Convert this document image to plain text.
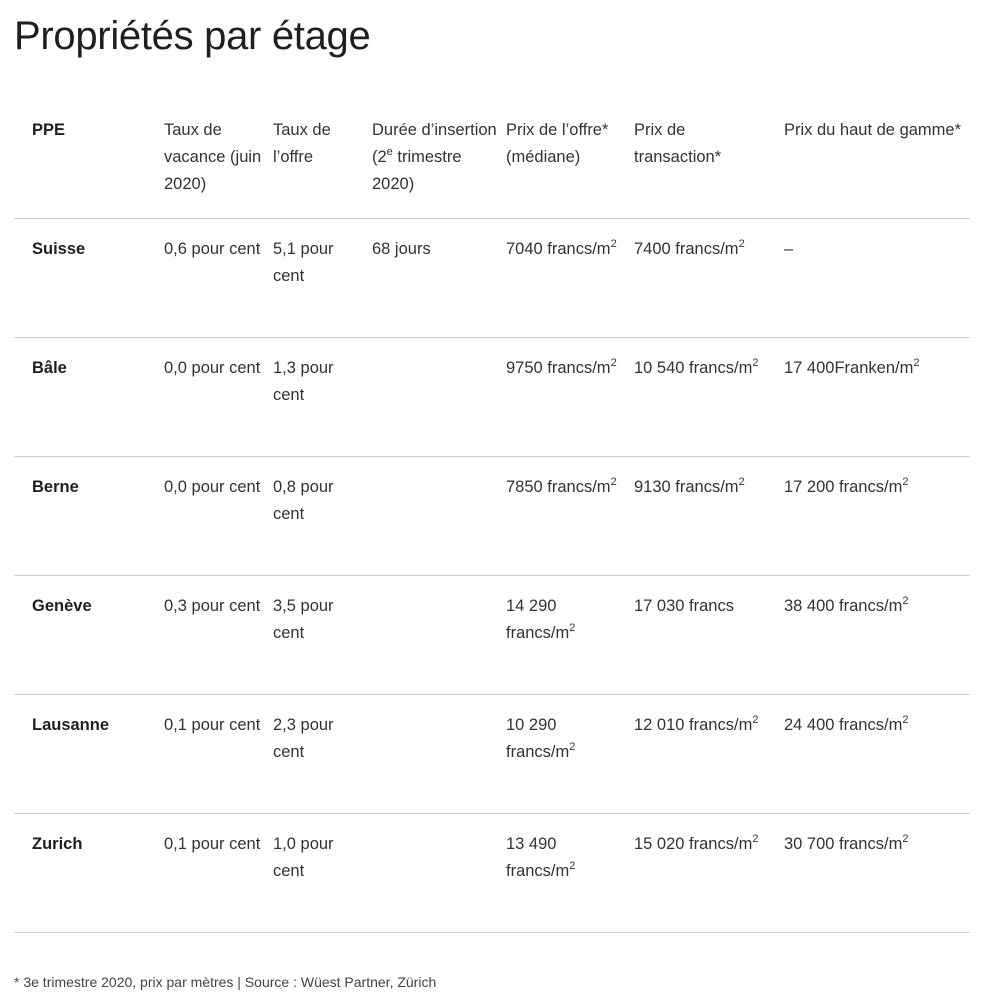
Propriétés par étage
PPE	Taux de vacance (juin 2020)	Taux de l’offre	Durée d’insertion (2e trimestre 2020)	Prix de l’offre* (médiane)	Prix de transaction*	Prix du haut de gamme*

Suisse	0,6 pour cent	5,1 pour cent	68 jours	7040 francs/$m^2$	7400 francs/$m^2$	–

Bâle	0,0 pour cent	1,3 pour cent		9750 francs/$m^2$	10 540 francs/$m^2$	17 $400Franken/m^2$

Berne	0,0 pour cent	0,8 pour cent		7850 francs/$m^2$	9130 francs/$m^2$	17 200 francs/$m^2$

Genève	0,3 pour cent	3,5 pour cent		14 290 francs/$m^2$	17 030 francs	38 400 francs/$m^2$

Lausanne	0,1 pour cent	2,3 pour cent		10 290 francs/$m^2$	12 010 francs/$m^2$	24 400 francs/$m^2$

Zurich	0,1 pour cent	1,0 pour cent		13 490 francs/$m^2$	15 020 francs/$m^2$	30 700 francs/$m^2$
* 3e trimestre 2020, prix par mètres | Source : Wüest Partner, Zürich
